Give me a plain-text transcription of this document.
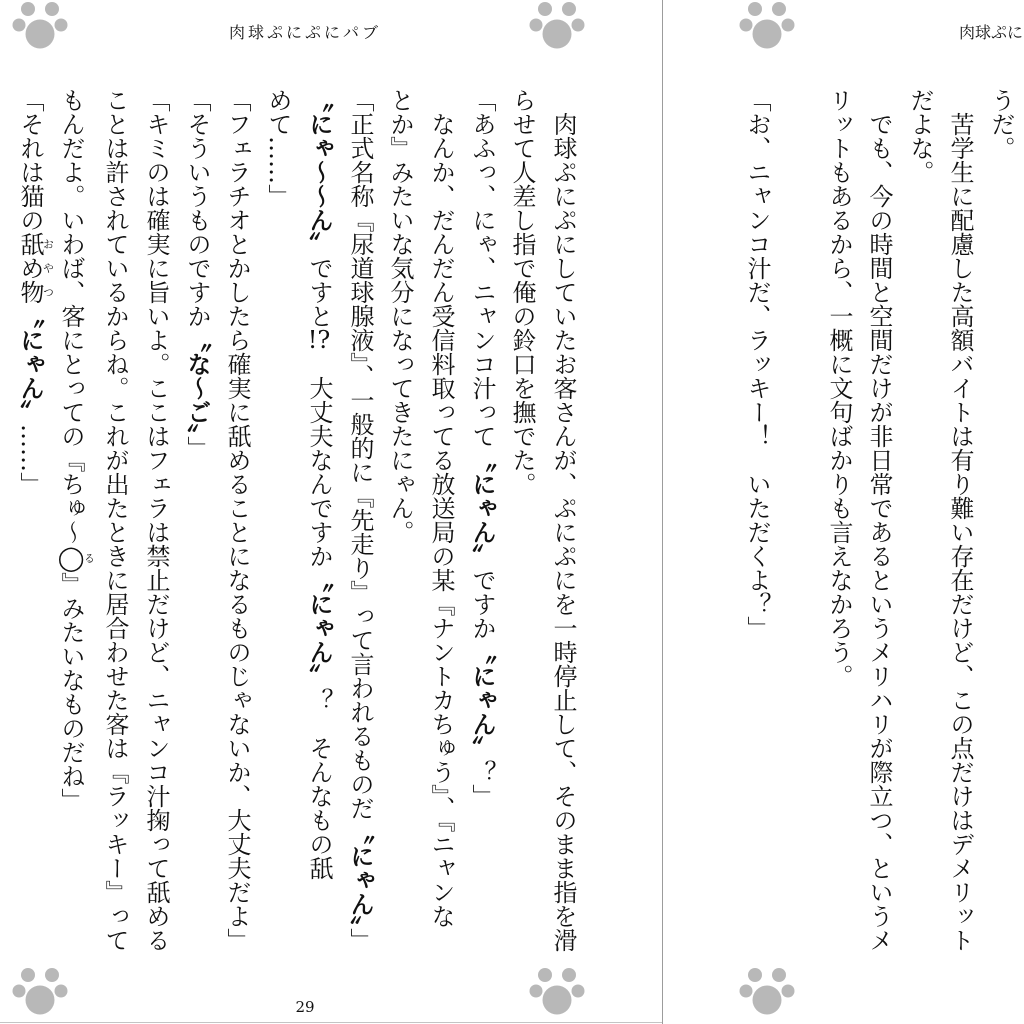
肉球ぷにぷにパブ
肉球ぷにぷにしていたお客さんが、ぷにぷにを一時停止して、そのまま指を滑
らせて人差し指で俺の鈴口を撫でた。
「あふっ、にゃ、ニャンコ汁って〝にゃん〟ですか〝にゃん〟？」
なんか、だんだん受信料取ってる放送局の某『ナントカちゅう』、『ニャンな
とか』みたいな気分になってきたにゃん。
「正式名称『尿道球腺液』、一般的に『先走り』って言われるものだ〝にゃん〟」
〝にゃ〜〜ん〟ですと!?　大丈夫なんですか〝にゃん〟？　そんなもの舐
めて……」
「フェラチオとかしたら確実に舐めることになるものじゃないか、大丈夫だよ」
「そういうものですか〝な〜ご〟」
「キミのは確実に旨いよ。ここはフェラは禁止だけど、ニャンコ汁掬って舐める
ことは許されているからね。これが出たときに居合わせた客は『ラッキー』って
もんだよ。いわば、客にとっての『ちゅ〜◯る』みたいなものだね」
「それは猫の舐め物おやつ〝にゃん〟……」
29
肉球ぷに
うだ。
苦学生に配慮した高額バイトは有り難い存在だけど、この点だけはデメリット
だよな。
でも、今の時間と空間だけが非日常であるというメリハリが際立つ、というメ
リットもあるから、一概に文句ばかりも言えなかろう。
「お、ニャンコ汁だ、ラッキー！　いただくよ？」
